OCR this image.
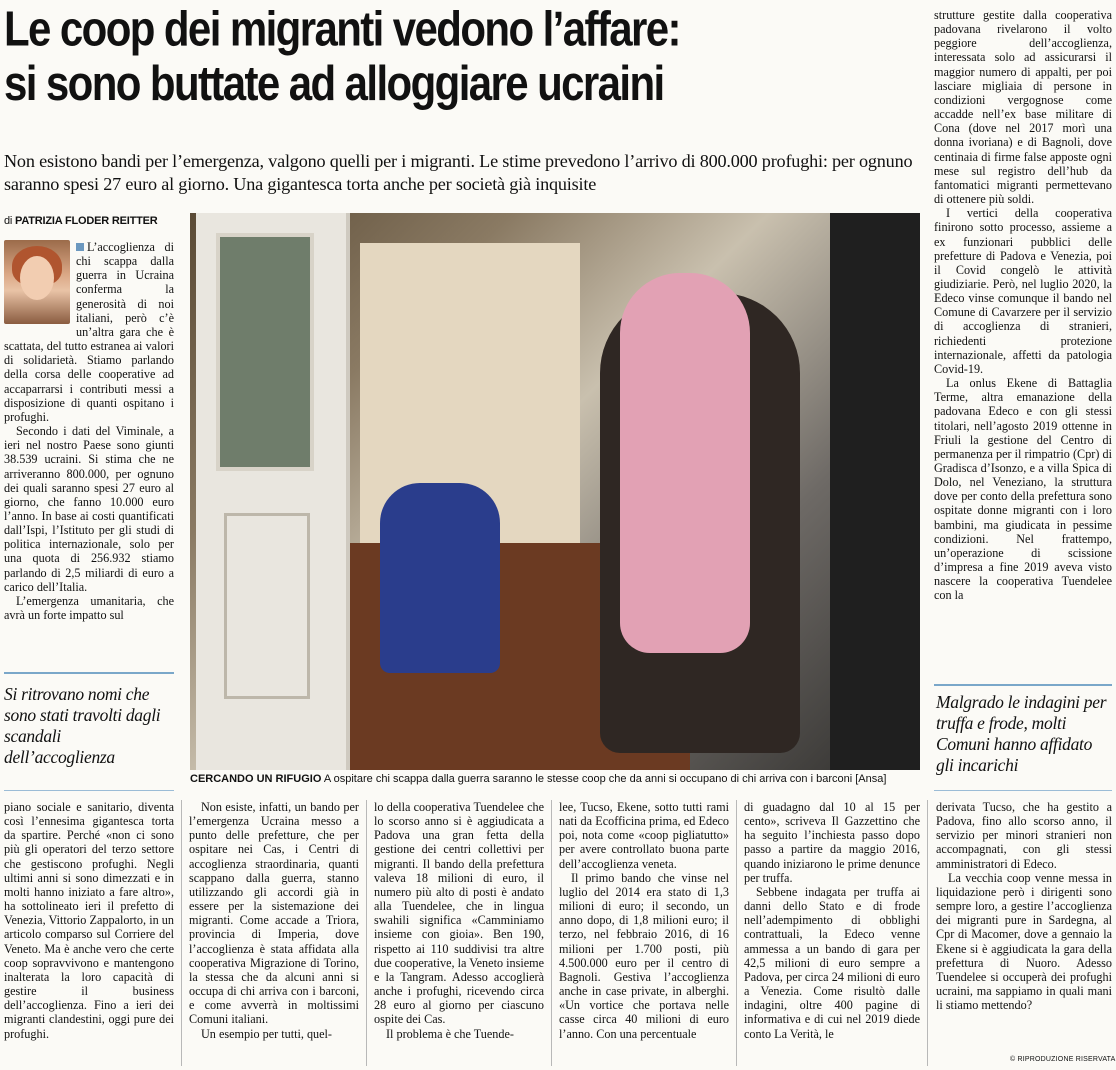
Le coop dei migranti vedono l’affare:
si sono buttate ad alloggiare ucraini
Non esistono bandi per l’emergenza, valgono quelli per i migranti. Le stime prevedono l’arrivo di 800.000 profughi: per ognuno saranno spesi 27 euro al giorno. Una gigantesca torta anche per società già inquisite
di PATRIZIA FLODER REITTER

L’accoglienza di chi scappa dalla guerra in Ucraina conferma la generosità di noi italiani, però c’è un’altra gara che è scattata, del tutto estranea ai valori di solidarietà. Stiamo parlando della corsa delle cooperative ad accaparrarsi i contributi messi a disposizione di quanti ospitano i profughi.

Secondo i dati del Viminale, a ieri nel nostro Paese sono giunti 38.539 ucraini. Si stima che ne arriveranno 800.000, per ognuno dei quali saranno spesi 27 euro al giorno, che fanno 10.000 euro l’anno. In base ai costi quantificati dall’Ispi, l’Istituto per gli studi di politica internazionale, solo per una quota di 256.932 stiamo parlando di 2,5 miliardi di euro a carico dell’Italia.

L’emergenza umanitaria, che avrà un forte impatto sul

Si ritrovano nomi che sono stati travolti dagli scandali dell’accoglienza
CERCANDO UN RIFUGIO A ospitare chi scappa dalla guerra saranno le stesse coop che da anni si occupano di chi arriva con i barconi [Ansa]

strutture gestite dalla cooperativa padovana rivelarono il volto peggiore dell’accoglienza, interessata solo ad assicurarsi il maggior numero di appalti, per poi lasciare migliaia di persone in condizioni vergognose come accadde nell’ex base militare di Cona (dove nel 2017 morì una donna ivoriana) e di Bagnoli, dove centinaia di firme false apposte ogni mese sul registro dell’hub da fantomatici migranti permettevano di ottenere più soldi.

I vertici della cooperativa finirono sotto processo, assieme a ex funzionari pubblici delle prefetture di Padova e Venezia, poi il Covid congelò le attività giudiziarie. Però, nel luglio 2020, la Edeco vinse comunque il bando nel Comune di Cavarzere per il servizio di accoglienza di stranieri, richiedenti protezione internazionale, affetti da patologia Covid-19.

La onlus Ekene di Battaglia Terme, altra emanazione della padovana Edeco e con gli stessi titolari, nell’agosto 2019 ottenne in Friuli la gestione del Centro di permanenza per il rimpatrio (Cpr) di Gradisca d’Isonzo, e a villa Spica di Dolo, nel Veneziano, la struttura dove per conto della prefettura sono ospitate donne migranti con i loro bambini, ma giudicata in pessime condizioni. Nel frattempo, un’operazione di scissione d’impresa a fine 2019 aveva visto nascere la cooperativa Tuendelee con la

Malgrado le indagini per truffa e frode, molti Comuni hanno affidato gli incarichi

piano sociale e sanitario, diventa così l’ennesima gigantesca torta da spartire. Perché «non ci sono più gli operatori del terzo settore che gestiscono profughi. Negli ultimi anni si sono dimezzati e in molti hanno iniziato a fare altro», ha sottolineato ieri il prefetto di Venezia, Vittorio Zappalorto, in un articolo comparso sul Corriere del Veneto. Ma è anche vero che certe coop sopravvivono e mantengono inalterata la loro capacità di gestire il business dell’accoglienza. Fino a ieri dei migranti clandestini, oggi pure dei profughi.

Non esiste, infatti, un bando per l’emergenza Ucraina messo a punto delle prefetture, che per ospitare nei Cas, i Centri di accoglienza straordinaria, quanti scappano dalla guerra, stanno utilizzando gli accordi già in essere per la sistemazione dei migranti. Come accade a Triora, provincia di Imperia, dove l’accoglienza è stata affidata alla cooperativa Migrazione di Torino, la stessa che da alcuni anni si occupa di chi arriva con i barconi, e come avverrà in moltissimi Comuni italiani.

Un esempio per tutti, quel-

lo della cooperativa Tuendelee che lo scorso anno si è aggiudicata a Padova una gran fetta della gestione dei centri collettivi per migranti. Il bando della prefettura valeva 18 milioni di euro, il numero più alto di posti è andato alla Tuendelee, che in lingua swahili significa «Camminiamo insieme con gioia». Ben 190, rispetto ai 110 suddivisi tra altre due cooperative, la Veneto insieme e la Tangram. Adesso accoglierà anche i profughi, ricevendo circa 28 euro al giorno per ciascuno ospite dei Cas.

Il problema è che Tuende-

lee, Tucso, Ekene, sotto tutti rami nati da Ecofficina prima, ed Edeco poi, nota come «coop pigliatutto» per avere controllato buona parte dell’accoglienza veneta.

Il primo bando che vinse nel luglio del 2014 era stato di 1,3 milioni di euro; il secondo, un anno dopo, di 1,8 milioni euro; il terzo, nel febbraio 2016, di 16 milioni per 1.700 posti, più 4.500.000 euro per il centro di Bagnoli. Gestiva l’accoglienza anche in case private, in alberghi. «Un vortice che portava nelle casse circa 40 milioni di euro l’anno. Con una percentuale

di guadagno dal 10 al 15 per cento», scriveva Il Gazzettino che ha seguito l’inchiesta passo dopo passo a partire da maggio 2016, quando iniziarono le prime denunce per truffa.

Sebbene indagata per truffa ai danni dello Stato e di frode nell’adempimento di obblighi contrattuali, la Edeco venne ammessa a un bando di gara per 42,5 milioni di euro sempre a Padova, per circa 24 milioni di euro a Venezia. Come risultò dalle indagini, oltre 400 pagine di informativa e di cui nel 2019 diede conto La Verità, le

derivata Tucso, che ha gestito a Padova, fino allo scorso anno, il servizio per minori stranieri non accompagnati, con gli stessi amministratori di Edeco.

La vecchia coop venne messa in liquidazione però i dirigenti sono sempre loro, a gestire l’accoglienza dei migranti pure in Sardegna, al Cpr di Macomer, dove a gennaio la Ekene si è aggiudicata la gara della prefettura di Nuoro. Adesso Tuendelee si occuperà dei profughi ucraini, ma sappiamo in quali mani li stiamo mettendo?

© RIPRODUZIONE RISERVATA
